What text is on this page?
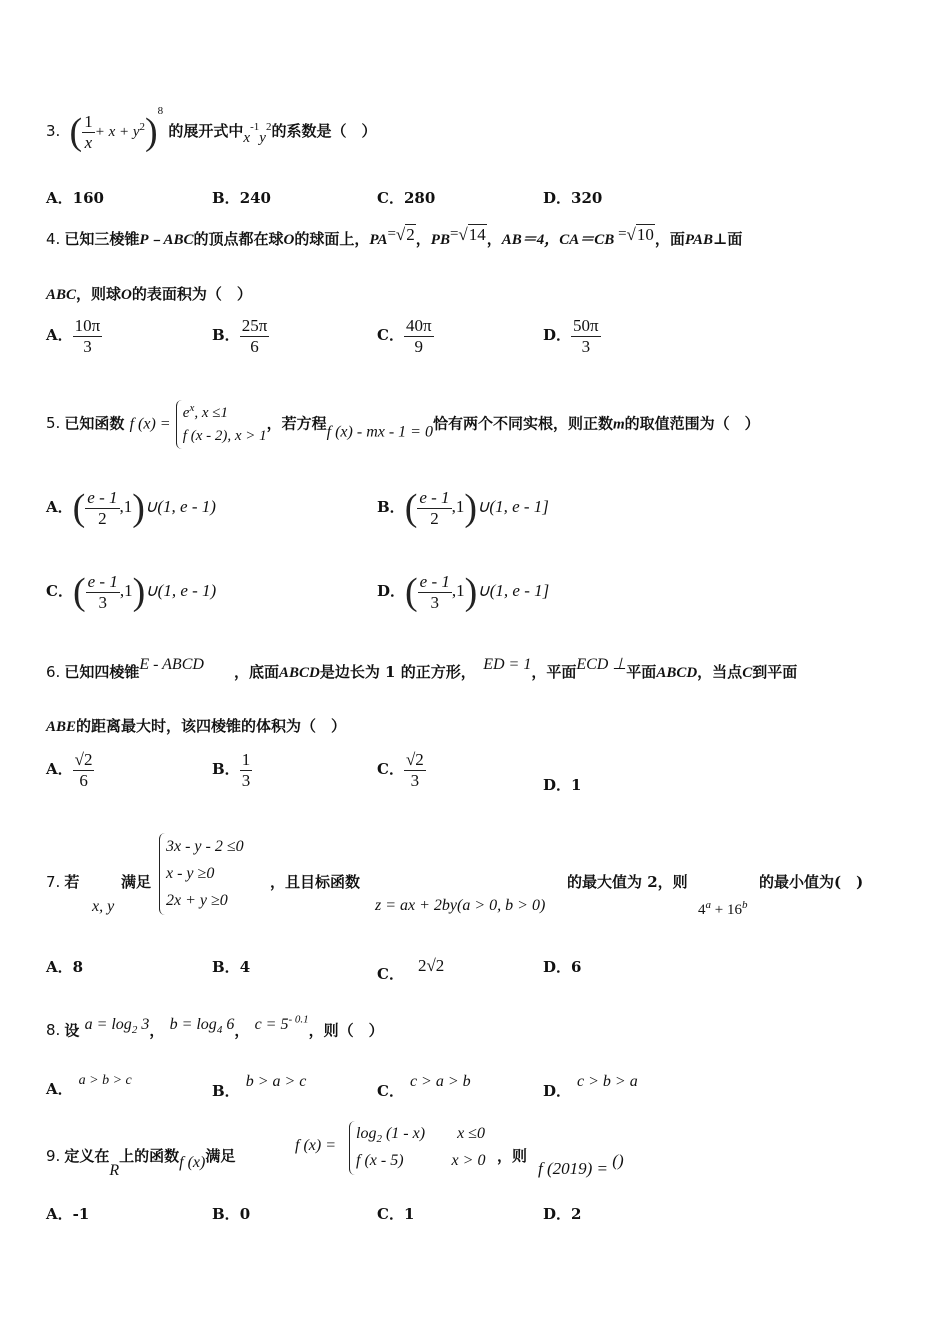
3. ( $\frac{1}{x} + x + y^2)^8$ 的展开式中$x^{-1}y^2$的系数是（　）
A．160	B．240	C．280	D．320
4. 已知三棱锥P﹣ABC的顶点都在球O的球面上，PA=√2，PB=√14，AB＝4，CA＝CB =√10，面PAB⊥面
ABC，则球O的表面积为（　）
A． $\frac{10\pi}{3}$	B． $\frac{25\pi}{6}$	C． $\frac{40\pi}{9}$	D． $\frac{50\pi}{3}$
5. 已知函数 f $(x) = e^x$, x ≤1
f (x - 2), x > 1，若方程f (x) - mx - 1 = 0恰有两个不同实根，则正数m的取值范围为（　）
A．( $\frac{e - 1}{2}$ ,1)∪(1, e - 1)	B．( $\frac{e - 1}{2}$ ,1)∪(1, e - 1]
C．( $\frac{e - 1}{3}$ ,1)∪(1, e - 1)	D．( $\frac{e - 1}{3}$ ,1)∪(1, e - 1]
6. 已知四棱锥E - ABCD　　 ，底面ABCD是边长为 1 的正方形，　 ED = 1，平面ECD ⊥平面ABCD，当点C到平面
ABE的距离最大时，该四棱锥的体积为（　）
A． $\frac{√2}{6}$	B． $\frac{1}{3}$	C． $\frac{√2}{3}$	D．1
7. 若
x, y
满足
3x - y - 2 ≤0
x - y ≥0
2x + y ≥0
，且目标函数
z = ax + 2by(a > 0, b > 0)
的最大值为 2，则
$4^a + 16^b$
的最小值为(　)
A．8	B．4	C． 2√2	D．6
8. 设 $a = \log_2 3$， $b = \log_4 6$， $c = 5^{- 0.1}$，则（　）
A． a > b > c
B．b > a > c
C．c > a > b
D．c > b > a
9. 定义在R上的函数f (x)满足
f (x) =
$\log_2 (1 - x)$　　 x ≤0
f (x - 5)　　　	x > 0 ，则
f (2019) = ()
A．-1	B．0	C．1	D．2
